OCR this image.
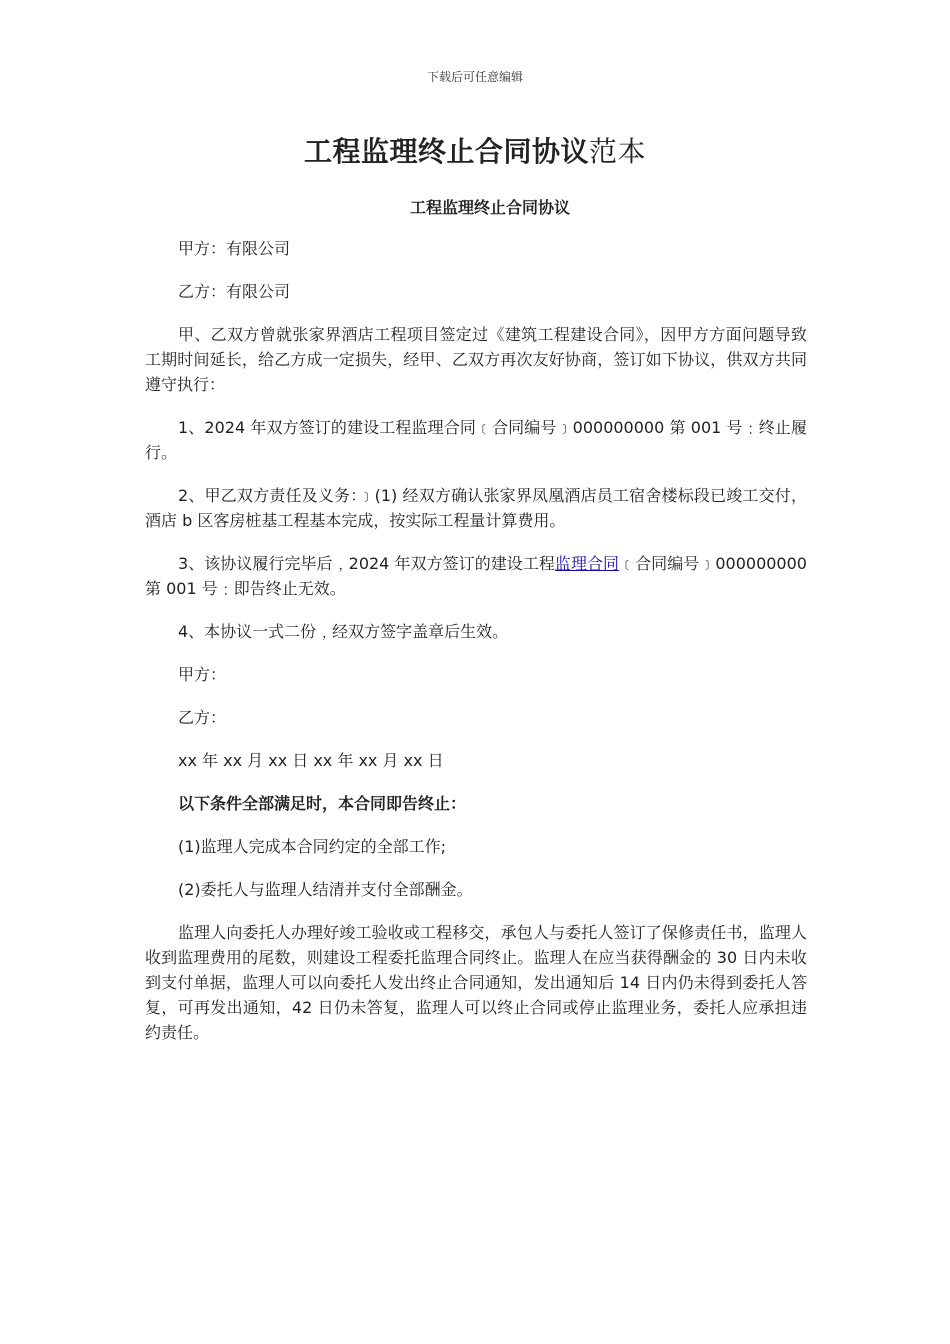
下载后可任意编辑
工程监理终止合同协议范本
工程监理终止合同协议

甲方：有限公司

乙方：有限公司

甲、乙双方曾就张家界酒店工程项目签定过《建筑工程建设合同》，因甲方方面问题导致工期时间延长，给乙方成一定损失，经甲、乙双方再次友好协商，签订如下协议，供双方共同遵守执行：

1、2024 年双方签订的建设工程监理合同﹝合同编号﹞000000000 第 001 号﹕终止履行。

2、甲乙双方责任及义务：﹞(1) 经双方确认张家界凤凰酒店员工宿舍楼标段已竣工交付，酒店 b 区客房桩基工程基本完成，按实际工程量计算费用。

3、该协议履行完毕后﹐2024 年双方签订的建设工程监理合同﹝合同编号﹞000000000 第 001 号﹕即告终止无效。

4、本协议一式二份﹐经双方签字盖章后生效。

甲方：

乙方：

xx 年 xx 月 xx 日 xx 年 xx 月 xx 日

以下条件全部满足时，本合同即告终止：

(1)监理人完成本合同约定的全部工作;

(2)委托人与监理人结清并支付全部酬金。

监理人向委托人办理好竣工验收或工程移交，承包人与委托人签订了保修责任书，监理人收到监理费用的尾数，则建设工程委托监理合同终止。监理人在应当获得酬金的 30 日内未收到支付单据，监理人可以向委托人发出终止合同通知，发出通知后 14 日内仍未得到委托人答复，可再发出通知，42 日仍未答复，监理人可以终止合同或停止监理业务，委托人应承担违约责任。
